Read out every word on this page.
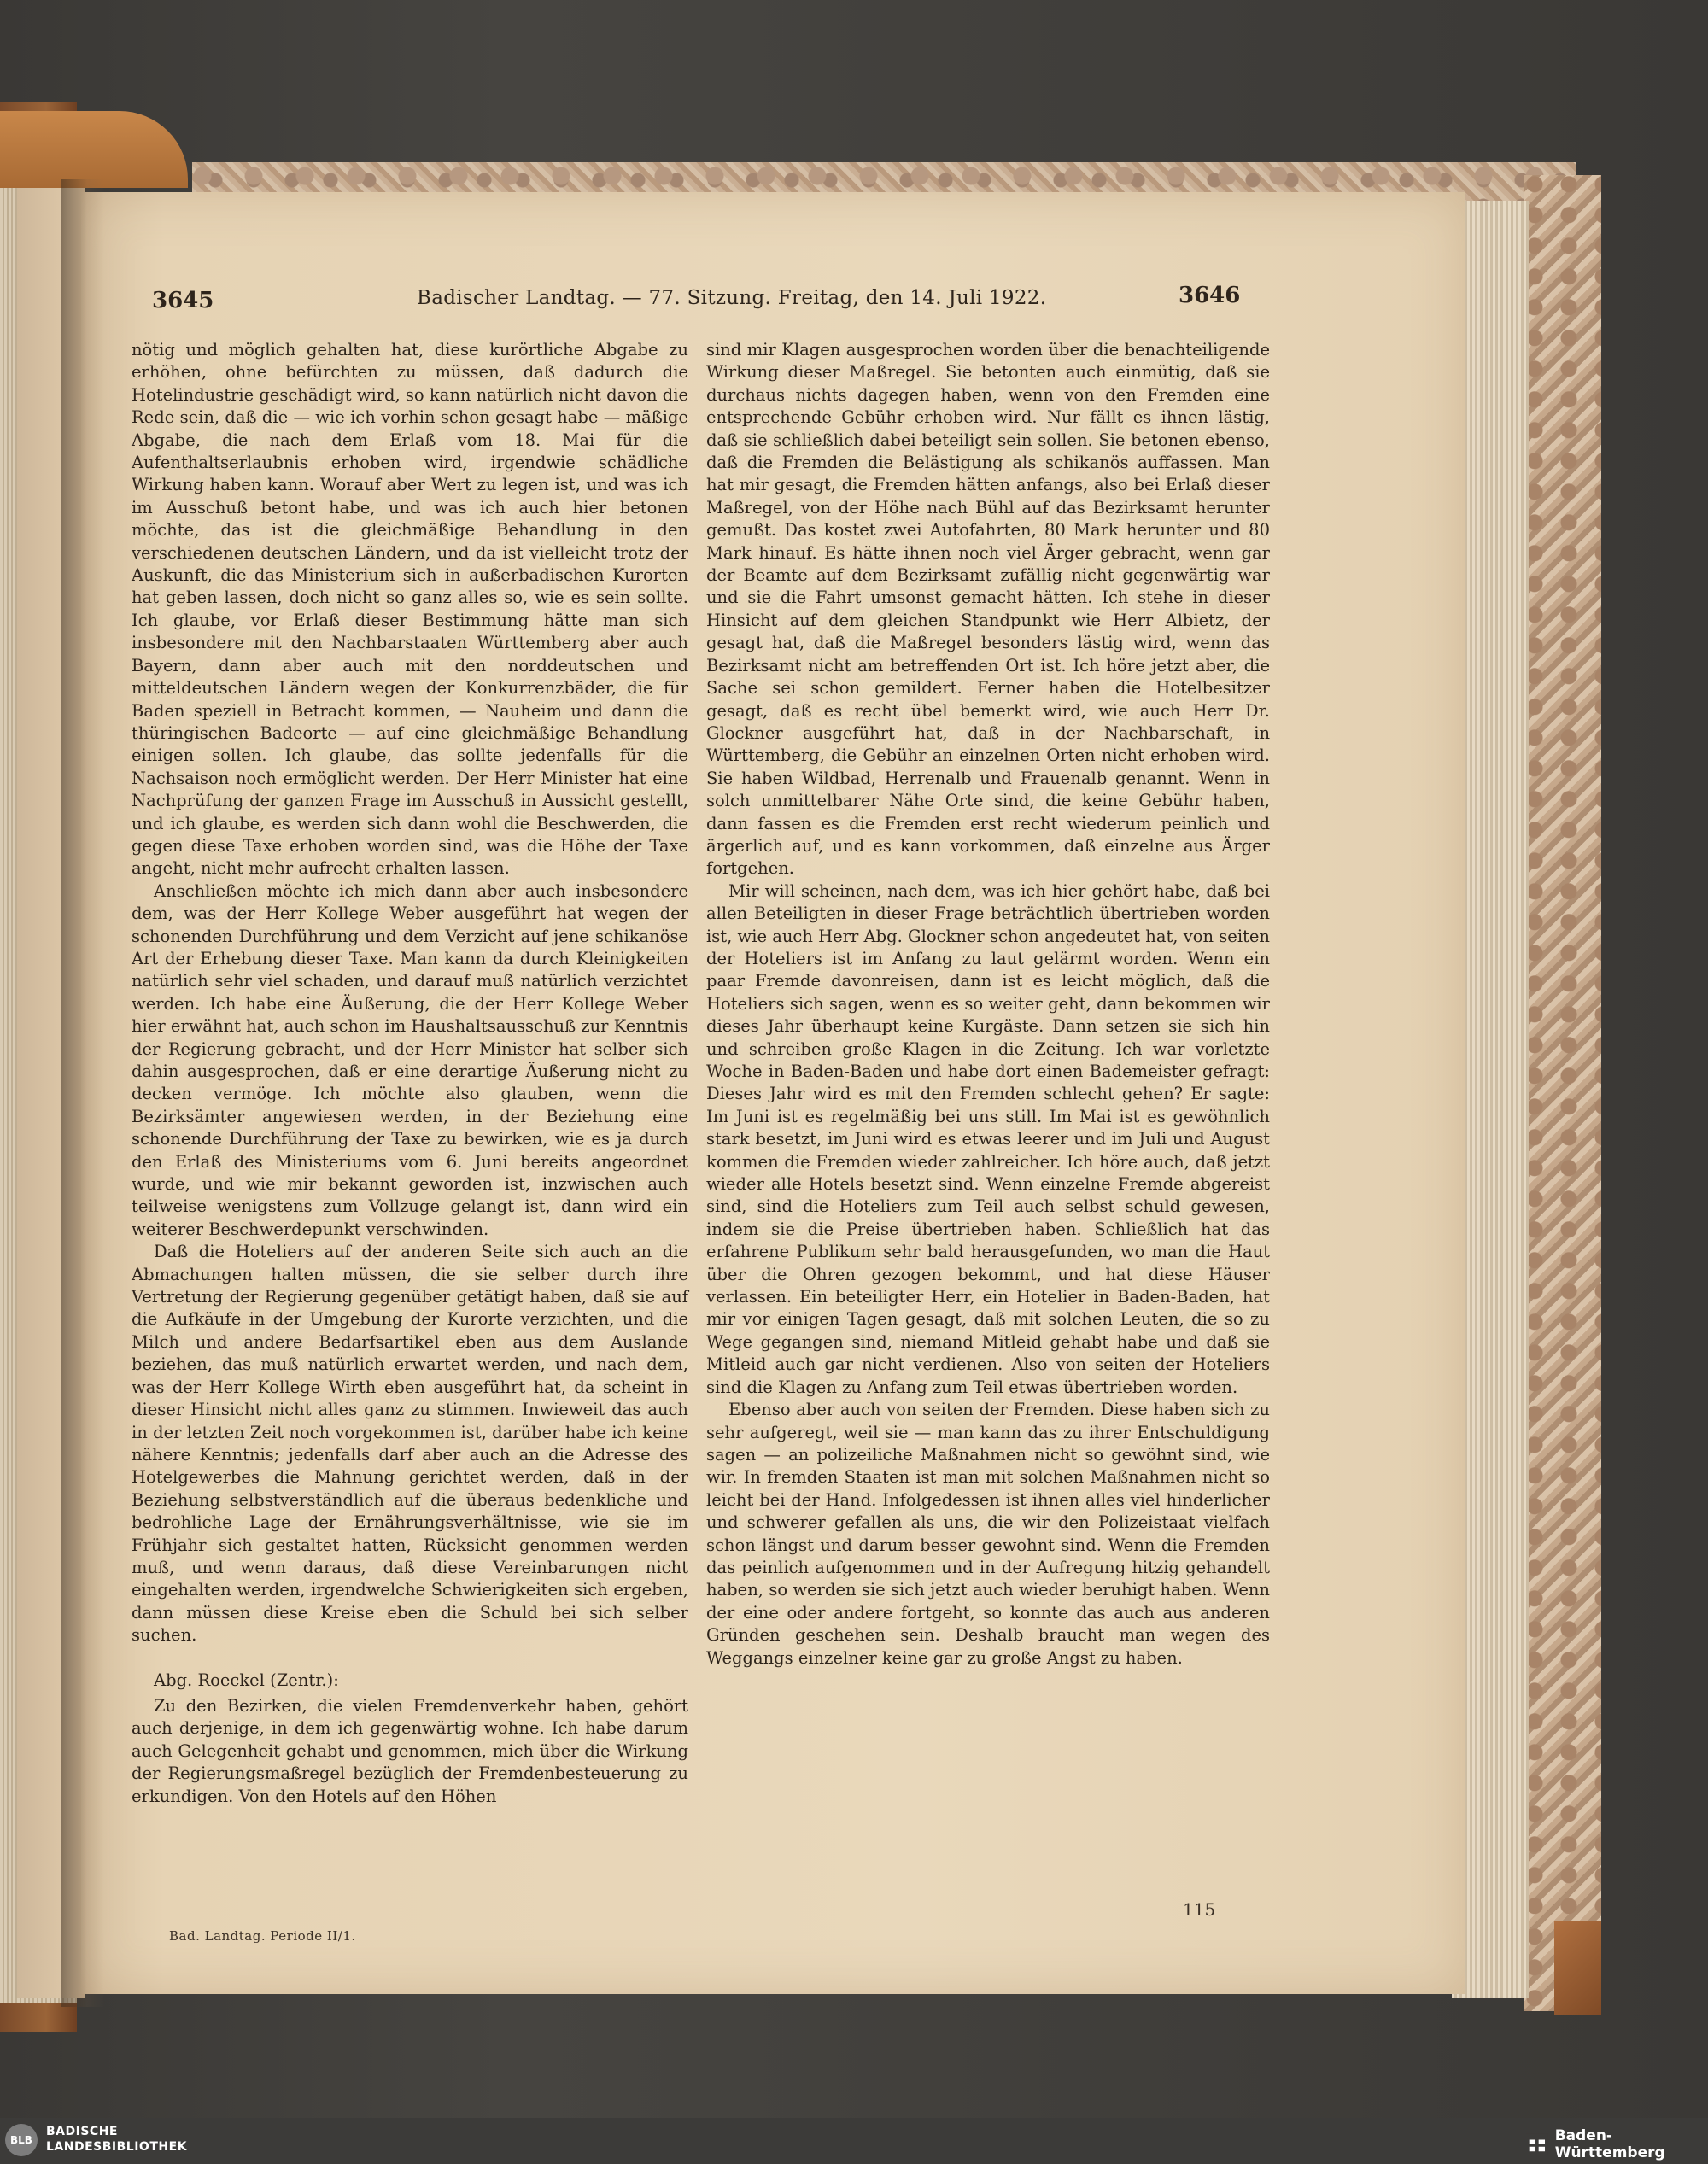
3645	Badischer Landtag. — 77. Sitzung. Freitag, den 14. Juli 1922.	3646

nötig und möglich gehalten hat, diese kurörtliche Abgabe zu erhöhen, ohne befürchten zu müssen, daß dadurch die Hotelindustrie geschädigt wird, so kann natürlich nicht davon die Rede sein, daß die — wie ich vorhin schon gesagt habe — mäßige Abgabe, die nach dem Erlaß vom 18. Mai für die Aufenthaltserlaubnis erhoben wird, irgendwie schädliche Wirkung haben kann. Worauf aber Wert zu legen ist, und was ich im Ausschuß betont habe, und was ich auch hier betonen möchte, das ist die gleichmäßige Behandlung in den verschiedenen deutschen Ländern, und da ist vielleicht trotz der Auskunft, die das Ministerium sich in außerbadischen Kurorten hat geben lassen, doch nicht so ganz alles so, wie es sein sollte. Ich glaube, vor Erlaß dieser Bestimmung hätte man sich insbesondere mit den Nachbarstaaten Württemberg aber auch Bayern, dann aber auch mit den norddeutschen und mitteldeutschen Ländern wegen der Konkurrenzbäder, die für Baden speziell in Betracht kommen, — Nauheim und dann die thüringischen Badeorte — auf eine gleichmäßige Behandlung einigen sollen. Ich glaube, das sollte jedenfalls für die Nachsaison noch ermöglicht werden. Der Herr Minister hat eine Nachprüfung der ganzen Frage im Ausschuß in Aussicht gestellt, und ich glaube, es werden sich dann wohl die Beschwerden, die gegen diese Taxe erhoben worden sind, was die Höhe der Taxe angeht, nicht mehr aufrecht erhalten lassen.

Anschließen möchte ich mich dann aber auch insbesondere dem, was der Herr Kollege Weber ausgeführt hat wegen der schonenden Durchführung und dem Verzicht auf jene schikanöse Art der Erhebung dieser Taxe. Man kann da durch Kleinigkeiten natürlich sehr viel schaden, und darauf muß natürlich verzichtet werden. Ich habe eine Äußerung, die der Herr Kollege Weber hier erwähnt hat, auch schon im Haushaltsausschuß zur Kenntnis der Regierung gebracht, und der Herr Minister hat selber sich dahin ausgesprochen, daß er eine derartige Äußerung nicht zu decken vermöge. Ich möchte also glauben, wenn die Bezirksämter angewiesen werden, in der Beziehung eine schonende Durchführung der Taxe zu bewirken, wie es ja durch den Erlaß des Ministeriums vom 6. Juni bereits angeordnet wurde, und wie mir bekannt geworden ist, inzwischen auch teilweise wenigstens zum Vollzuge gelangt ist, dann wird ein weiterer Beschwerdepunkt verschwinden.

Daß die Hoteliers auf der anderen Seite sich auch an die Abmachungen halten müssen, die sie selber durch ihre Vertretung der Regierung gegenüber getätigt haben, daß sie auf die Aufkäufe in der Umgebung der Kurorte verzichten, und die Milch und andere Bedarfsartikel eben aus dem Auslande beziehen, das muß natürlich erwartet werden, und nach dem, was der Herr Kollege Wirth eben ausgeführt hat, da scheint in dieser Hinsicht nicht alles ganz zu stimmen. Inwieweit das auch in der letzten Zeit noch vorgekommen ist, darüber habe ich keine nähere Kenntnis; jedenfalls darf aber auch an die Adresse des Hotelgewerbes die Mahnung gerichtet werden, daß in der Beziehung selbstverständlich auf die überaus bedenkliche und bedrohliche Lage der Ernährungsverhältnisse, wie sie im Frühjahr sich gestaltet hatten, Rücksicht genommen werden muß, und wenn daraus, daß diese Vereinbarungen nicht eingehalten werden, irgendwelche Schwierigkeiten sich ergeben, dann müssen diese Kreise eben die Schuld bei sich selber suchen.

Abg. Roeckel (Zentr.):

Zu den Bezirken, die vielen Fremdenverkehr haben, gehört auch derjenige, in dem ich gegenwärtig wohne. Ich habe darum auch Gelegenheit gehabt und genommen, mich über die Wirkung der Regierungsmaßregel bezüglich der Fremdenbesteuerung zu erkundigen. Von den Hotels auf den Höhen

sind mir Klagen ausgesprochen worden über die benachteiligende Wirkung dieser Maßregel. Sie betonten auch einmütig, daß sie durchaus nichts dagegen haben, wenn von den Fremden eine entsprechende Gebühr erhoben wird. Nur fällt es ihnen lästig, daß sie schließlich dabei beteiligt sein sollen. Sie betonen ebenso, daß die Fremden die Belästigung als schikanös auffassen. Man hat mir gesagt, die Fremden hätten anfangs, also bei Erlaß dieser Maßregel, von der Höhe nach Bühl auf das Bezirksamt herunter gemußt. Das kostet zwei Autofahrten, 80 Mark herunter und 80 Mark hinauf. Es hätte ihnen noch viel Ärger gebracht, wenn gar der Beamte auf dem Bezirksamt zufällig nicht gegenwärtig war und sie die Fahrt umsonst gemacht hätten. Ich stehe in dieser Hinsicht auf dem gleichen Standpunkt wie Herr Albietz, der gesagt hat, daß die Maßregel besonders lästig wird, wenn das Bezirksamt nicht am betreffenden Ort ist. Ich höre jetzt aber, die Sache sei schon gemildert. Ferner haben die Hotelbesitzer gesagt, daß es recht übel bemerkt wird, wie auch Herr Dr. Glockner ausgeführt hat, daß in der Nachbarschaft, in Württemberg, die Gebühr an einzelnen Orten nicht erhoben wird. Sie haben Wildbad, Herrenalb und Frauenalb genannt. Wenn in solch unmittelbarer Nähe Orte sind, die keine Gebühr haben, dann fassen es die Fremden erst recht wiederum peinlich und ärgerlich auf, und es kann vorkommen, daß einzelne aus Ärger fortgehen.

Mir will scheinen, nach dem, was ich hier gehört habe, daß bei allen Beteiligten in dieser Frage beträchtlich übertrieben worden ist, wie auch Herr Abg. Glockner schon angedeutet hat, von seiten der Hoteliers ist im Anfang zu laut gelärmt worden. Wenn ein paar Fremde davonreisen, dann ist es leicht möglich, daß die Hoteliers sich sagen, wenn es so weiter geht, dann bekommen wir dieses Jahr überhaupt keine Kurgäste. Dann setzen sie sich hin und schreiben große Klagen in die Zeitung. Ich war vorletzte Woche in Baden-Baden und habe dort einen Bademeister gefragt: Dieses Jahr wird es mit den Fremden schlecht gehen? Er sagte: Im Juni ist es regelmäßig bei uns still. Im Mai ist es gewöhnlich stark besetzt, im Juni wird es etwas leerer und im Juli und August kommen die Fremden wieder zahlreicher. Ich höre auch, daß jetzt wieder alle Hotels besetzt sind. Wenn einzelne Fremde abgereist sind, sind die Hoteliers zum Teil auch selbst schuld gewesen, indem sie die Preise übertrieben haben. Schließlich hat das erfahrene Publikum sehr bald herausgefunden, wo man die Haut über die Ohren gezogen bekommt, und hat diese Häuser verlassen. Ein beteiligter Herr, ein Hotelier in Baden-Baden, hat mir vor einigen Tagen gesagt, daß mit solchen Leuten, die so zu Wege gegangen sind, niemand Mitleid gehabt habe und daß sie Mitleid auch gar nicht verdienen. Also von seiten der Hoteliers sind die Klagen zu Anfang zum Teil etwas übertrieben worden.

Ebenso aber auch von seiten der Fremden. Diese haben sich zu sehr aufgeregt, weil sie — man kann das zu ihrer Entschuldigung sagen — an polizeiliche Maßnahmen nicht so gewöhnt sind, wie wir. In fremden Staaten ist man mit solchen Maßnahmen nicht so leicht bei der Hand. Infolgedessen ist ihnen alles viel hinderlicher und schwerer gefallen als uns, die wir den Polizeistaat vielfach schon längst und darum besser gewohnt sind. Wenn die Fremden das peinlich aufgenommen und in der Aufregung hitzig gehandelt haben, so werden sie sich jetzt auch wieder beruhigt haben. Wenn der eine oder andere fortgeht, so konnte das auch aus anderen Gründen geschehen sein. Deshalb braucht man wegen des Weggangs einzelner keine gar zu große Angst zu haben.

Bad. Landtag. Periode II/1.
115
BLB
BADISCHE
LANDESBIBLIOTHEK
Baden-Württemberg
